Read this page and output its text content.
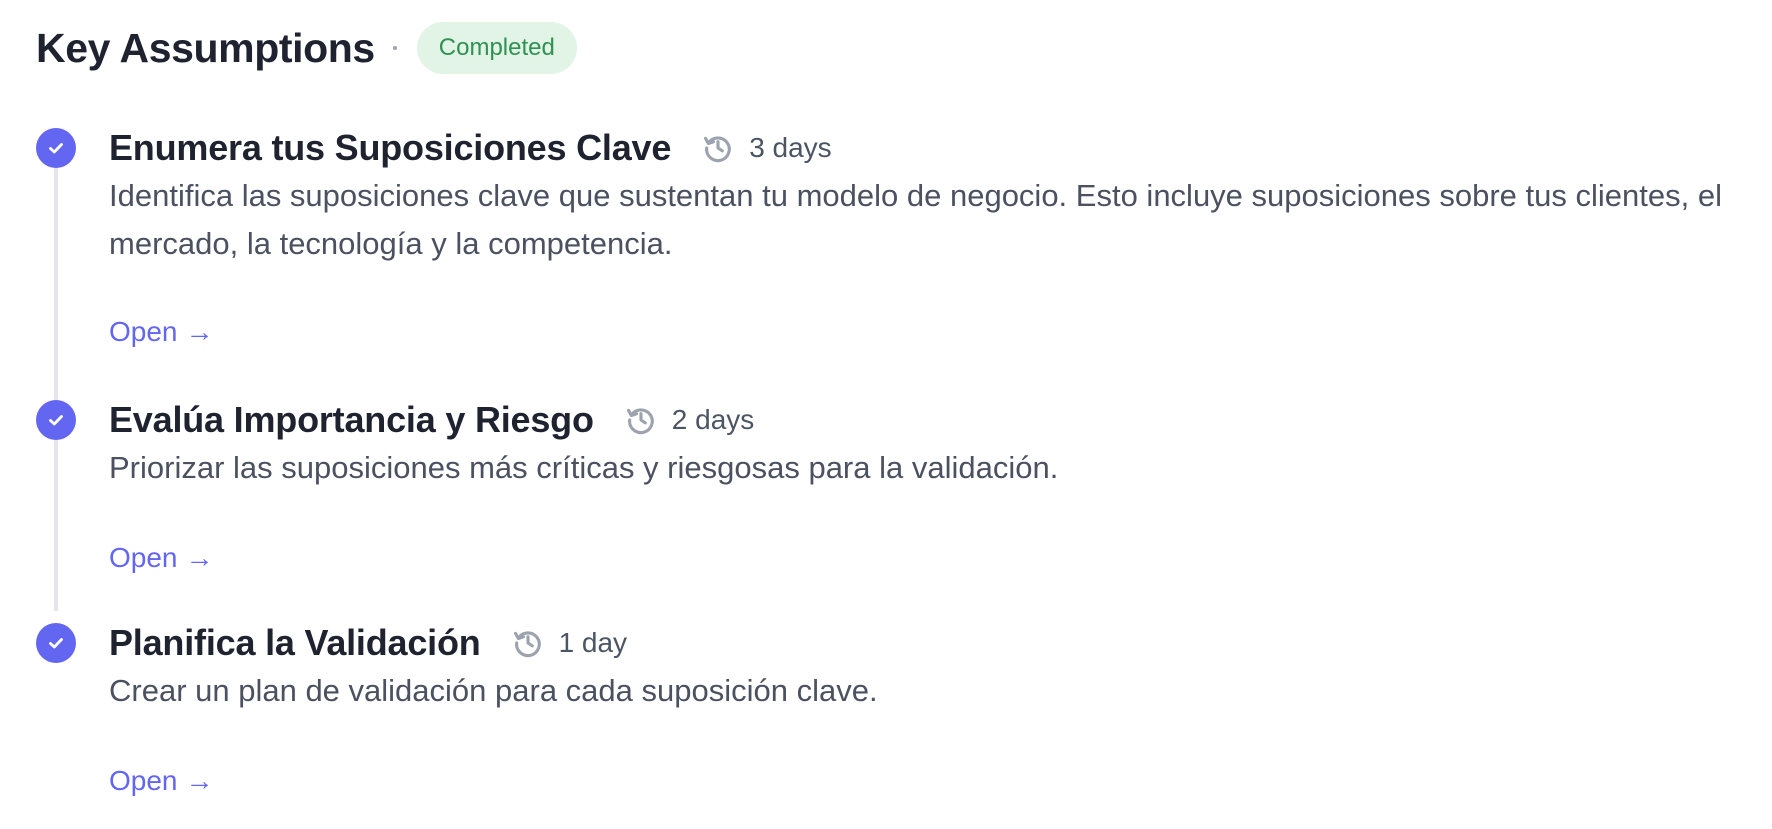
Key Assumptions	Completed
Enumera tus Suposiciones Clave	3 days
Identifica las suposiciones clave que sustentan tu modelo de negocio. Esto incluye suposiciones sobre tus clientes, el mercado, la tecnología y la competencia.
Open →
Evalúa Importancia y Riesgo	2 days
Priorizar las suposiciones más críticas y riesgosas para la validación.
Open →
Planifica la Validación	1 day
Crear un plan de validación para cada suposición clave.
Open →
